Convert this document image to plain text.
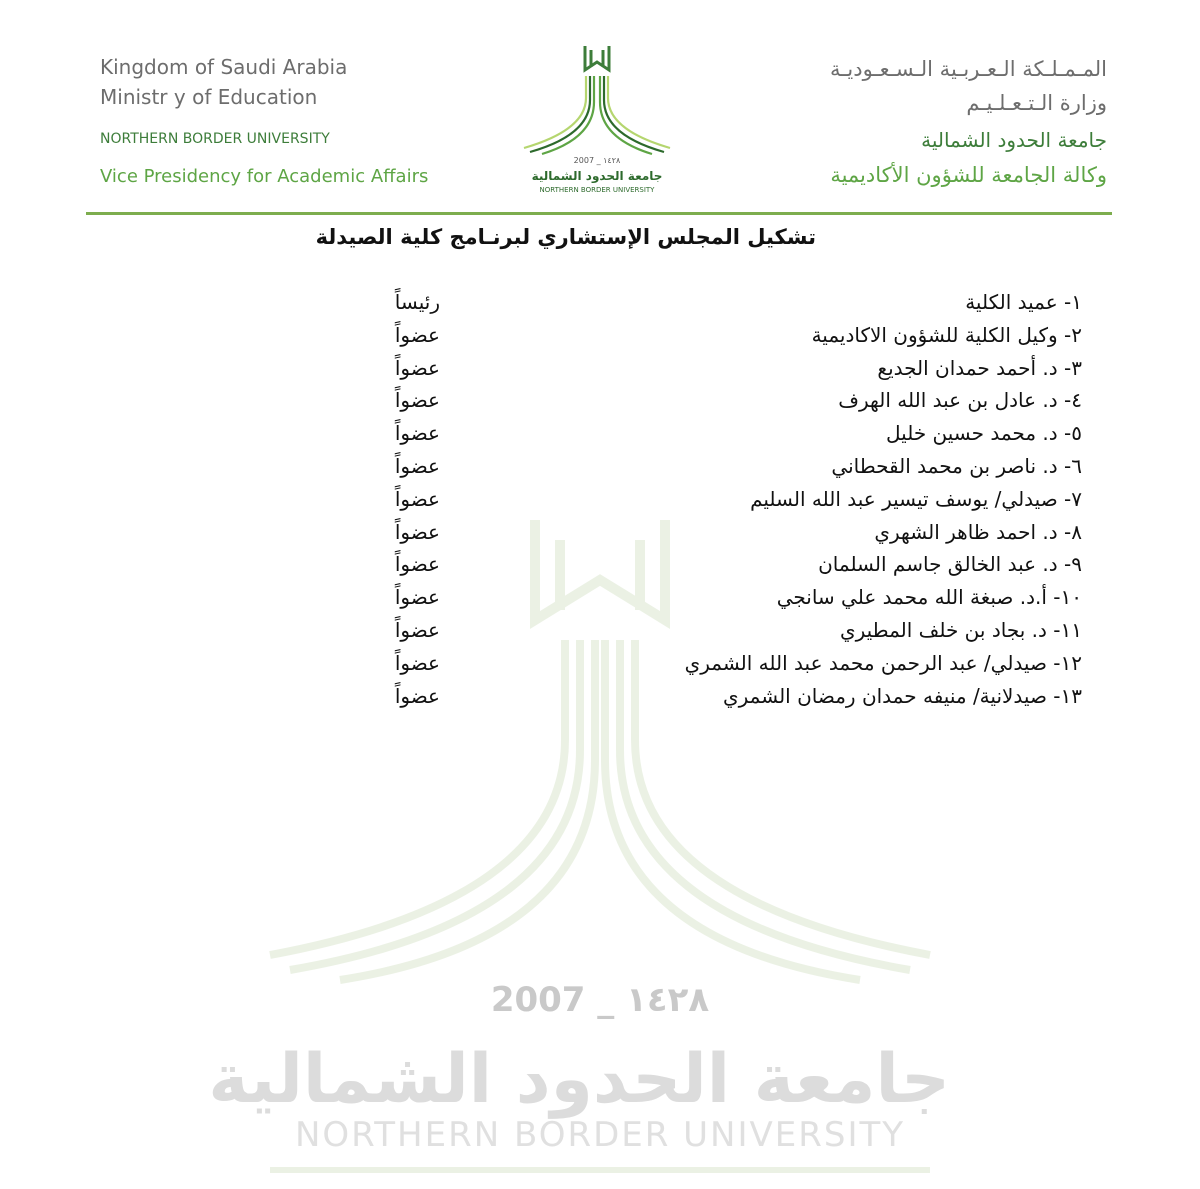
2007 _ ١٤٢٨
جامعة الحدود الشمالية
NORTHERN BORDER UNIVERSITY
Kingdom of Saudi Arabia
Ministr y of Education
NORTHERN BORDER UNIVERSITY
Vice Presidency for Academic Affairs
2007 _ ١٤٢٨
جامعة الحدود الشمالية
NORTHERN BORDER UNIVERSITY
المـمـلـكة الـعـربـية الـسـعـوديـة
وزارة الـتـعـلـيـم
جامعة الحدود الشمالية
وكالة الجامعة للشؤون الأكاديمية
تشكيل المجلس الإستشاري لبرنـامج كلية الصيدلة
١- عميد الكلية
رئيساً
٢- وكيل الكلية للشؤون الاكاديمية
عضواً
٣- د. أحمد حمدان الجديع
عضواً
٤- د. عادل بن عبد الله الهرف
عضواً
٥- د. محمد حسين خليل
عضواً
٦- د. ناصر بن محمد القحطاني
عضواً
٧- صيدلي/ يوسف تيسير عبد الله السليم
عضواً
٨- د. احمد ظاهر الشهري
عضواً
٩- د. عبد الخالق جاسم السلمان
عضواً
١٠- أ.د. صبغة الله محمد علي سانجي
عضواً
١١- د. بجاد بن خلف المطيري
عضواً
١٢- صيدلي/ عبد الرحمن محمد عبد الله الشمري
عضواً
١٣- صيدلانية/ منيفه حمدان رمضان الشمري
عضواً
